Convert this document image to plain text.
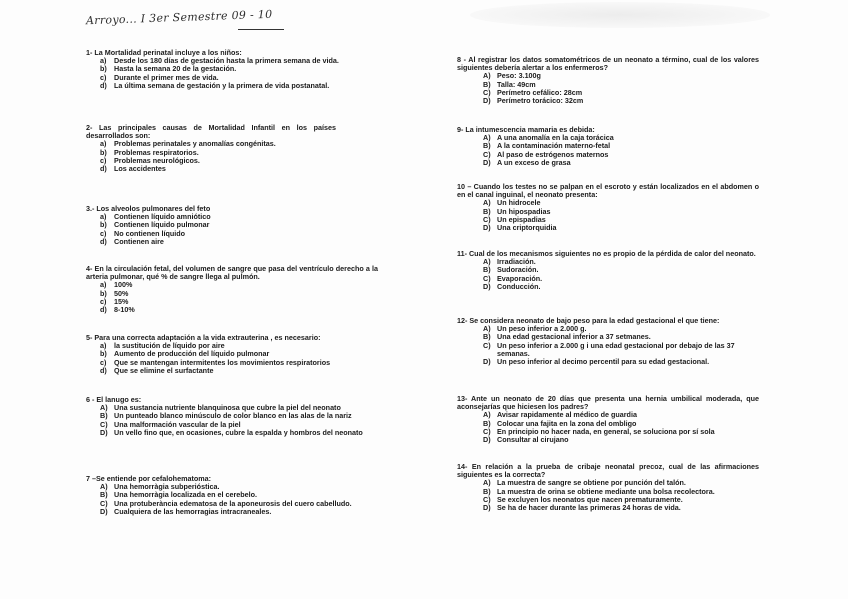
Arroyo... I 3er Semestre 09 - 10
1- La Mortalidad perinatal incluye a los niños:
a) Desde los 180 días de gestación hasta la primera semana de vida.
b) Hasta la semana 20 de la gestación.
c) Durante el primer mes de vida.
d) La última semana de gestación y la primera de vida postanatal.
2- Las principales causas de Mortalidad Infantil en los países desarrollados son:
a) Problemas perinatales y anomalías congénitas.
b) Problemas respiratorios.
c) Problemas neurológicos.
d) Los accidentes
3.- Los alveolos pulmonares del feto
a) Contienen líquido amniótico
b) Contienen líquido pulmonar
c) No contienen líquido
d) Contienen aire
4- En la circulación fetal, del volumen de sangre que pasa del ventrículo derecho a la arteria pulmonar, qué % de sangre llega al pulmón.
a) 100%
b) 50%
c) 15%
d) 8-10%
5- Para una correcta adaptación a la vida extrauterina , es necesario:
a) la sustitución de líquido por aire
b) Aumento de producción del líquido pulmonar
c) Que se mantengan intermitentes los movimientos respiratorios
d) Que se elimine el surfactante
6 - El lanugo es:
A) Una sustancia nutriente blanquinosa que cubre la piel del neonato
B) Un punteado blanco minúsculo de color blanco en las alas de la nariz
C) Una malformación vascular de la piel
D) Un vello fino que, en ocasiones, cubre la espalda y hombros del neonato
7 –Se entiende por cefalohematoma:
A) Una hemorràgia subperióstica.
B) Una hemorràgia localizada en el cerebelo.
C) Una protuberància edematosa de la aponeurosis del cuero cabelludo.
D) Cualquiera de las hemorragias intracraneales.
8 - Al registrar los datos somatométricos de un neonato a término, cual de los valores siguientes debería alertar a los enfermeros?
A) Peso: 3.100g
B) Talla: 49cm
C) Perímetro cefálico: 28cm
D) Perímetro torácico: 32cm
9- La intumescencia mamaria es debida:
A) A una anomalía en la caja torácica
B) A la contaminación materno-fetal
C) Al paso de estrógenos maternos
D) A un exceso de grasa
10 – Cuando los testes no se palpan en el escroto y están localizados en el abdomen o en el canal inguinal, el neonato presenta:
A) Un hidrocele
B) Un hipospadias
C) Un epispadias
D) Una criptorquidia
11- Cual de los mecanismos siguientes no es propio de la pérdida de calor del neonato.
A) Irradiación.
B) Sudoración.
C) Evaporación.
D) Conducción.
12- Se considera neonato de bajo peso para la edad gestacional el que tiene:
A) Un peso inferior a 2.000 g.
B) Una edad gestacional inferior a 37 setmanes.
C) Un peso inferior a 2.000 g i una edad gestacional por debajo de las 37 semanas.
D) Un peso inferior al decimo percentil para su edad gestacional.
13- Ante un neonato de 20 días que presenta una hernia umbilical moderada, que aconsejarías que hiciesen los padres?
A) Avisar rapidamente al médico de guardia
B) Colocar una fajita en la zona del ombligo
C) En principio no hacer nada, en general, se soluciona por sí sola
D) Consultar al cirujano
14- En relación a la prueba de cribaje neonatal precoz, cual de las afirmaciones siguientes es la correcta?
A) La muestra de sangre se obtiene por punción del talón.
B) La muestra de orina se obtiene mediante una bolsa recolectora.
C) Se excluyen los neonatos que nacen prematuramente.
D) Se ha de hacer durante las primeras 24 horas de vida.
